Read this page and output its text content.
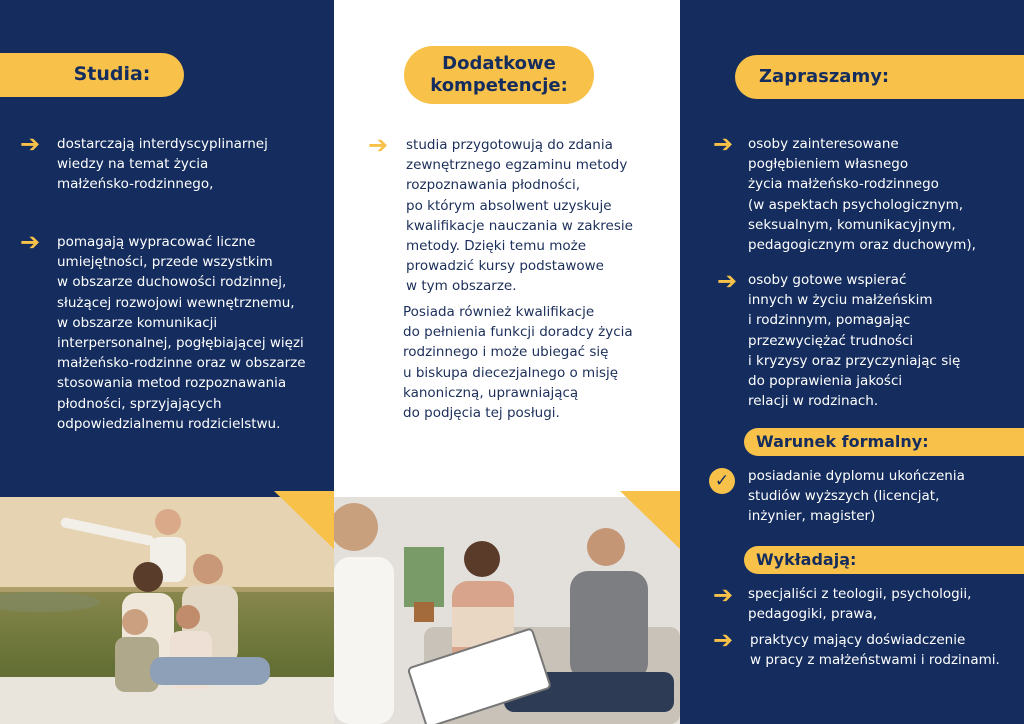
Studia:
➔ dostarczają interdyscyplinarnej
wiedzy na temat życia
małżeńsko-rodzinnego,
➔ pomagają wypracować liczne
umiejętności, przede wszystkim
w obszarze duchowości rodzinnej,
służącej rozwojowi wewnętrznemu,
w obszarze komunikacji
interpersonalnej, pogłębiającej więzi
małżeńsko-rodzinne oraz w obszarze
stosowania metod rozpoznawania
płodności, sprzyjających
odpowiedzialnemu rodzicielstwu.
Dodatkowe
kompetencje:
➔ studia przygotowują do zdania
zewnętrznego egzaminu metody
rozpoznawania płodności,
po którym absolwent uzyskuje
kwalifikacje nauczania w zakresie
metody. Dzięki temu może
prowadzić kursy podstawowe
w tym obszarze.
Posiada również kwalifikacje
do pełnienia funkcji doradcy życia
rodzinnego i może ubiegać się
u biskupa diecezjalnego o misję
kanoniczną, uprawniającą
do podjęcia tej posługi.
Zapraszamy:
➔ osoby zainteresowane
pogłębieniem własnego
życia małżeńsko-rodzinnego
(w aspektach psychologicznym,
seksualnym, komunikacyjnym,
pedagogicznym oraz duchowym),
➔ osoby gotowe wspierać
innych w życiu małżeńskim
i rodzinnym, pomagając
przezwyciężać trudności
i kryzysy oraz przyczyniając się
do poprawienia jakości
relacji w rodzinach.
Warunek formalny:
✓	posiadanie dyplomu ukończenia
studiów wyższych (licencjat,
inżynier, magister)
Wykładają:
➔ specjaliści z teologii, psychologii,
pedagogiki, prawa,
➔ praktycy mający doświadczenie
w pracy z małżeństwami i rodzinami.
